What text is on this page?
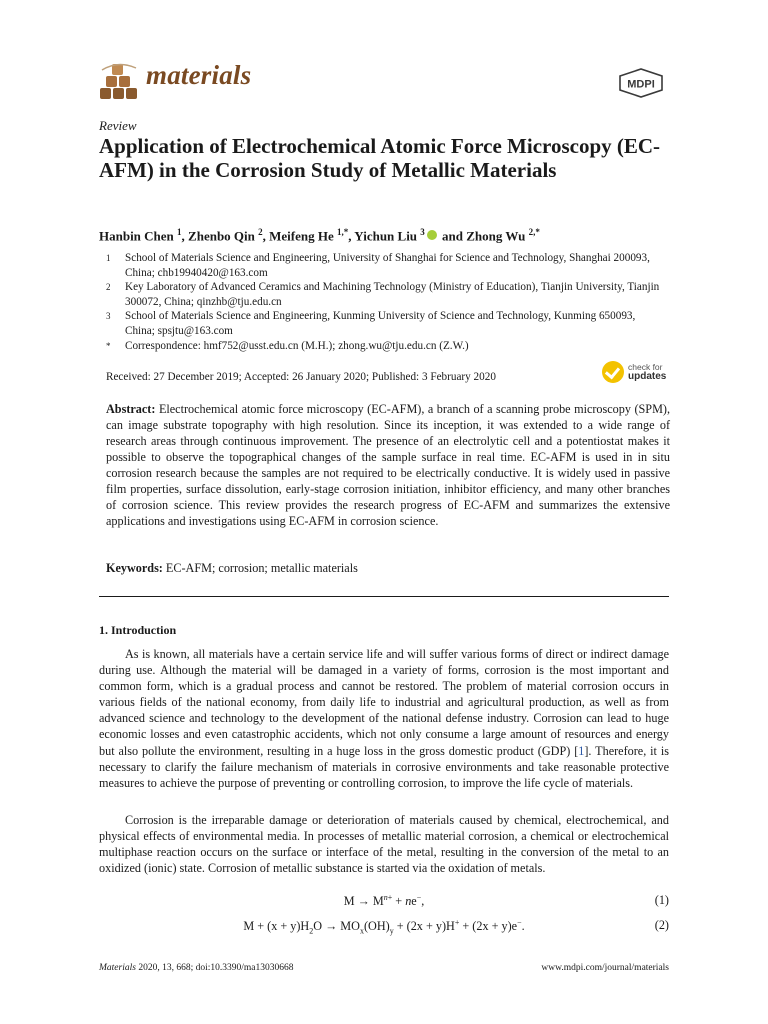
materials	MDPI
Review
Application of Electrochemical Atomic Force Microscopy (EC-AFM) in the Corrosion Study of Metallic Materials
Hanbin Chen $^1$, Zhenbo Qin $^2$, Meifeng He $^{1,*}$, Yichun Liu $^3$ and Zhong Wu $^{2,*}$
1 School of Materials Science and Engineering, University of Shanghai for Science and Technology, Shanghai 200093, China; chb19940420@163.com
2 Key Laboratory of Advanced Ceramics and Machining Technology (Ministry of Education), Tianjin University, Tianjin 300072, China; qinzhb@tju.edu.cn
3 School of Materials Science and Engineering, Kunming University of Science and Technology, Kunming 650093, China; spsjtu@163.com
* Correspondence: hmf752@usst.edu.cn (M.H.); zhong.wu@tju.edu.cn (Z.W.)
Received: 27 December 2019; Accepted: 26 January 2020; Published: 3 February 2020
check for
updates
Abstract: Electrochemical atomic force microscopy (EC-AFM), a branch of a scanning probe microscopy (SPM), can image substrate topography with high resolution. Since its inception, it was extended to a wide range of research areas through continuous improvement. The presence of an electrolytic cell and a potentiostat makes it possible to observe the topographical changes of the sample surface in real time. EC-AFM is used in in situ corrosion research because the samples are not required to be electrically conductive. It is widely used in passive film properties, surface dissolution, early-stage corrosion initiation, inhibitor efficiency, and many other branches of corrosion science. This review provides the research progress of EC-AFM and summarizes the extensive applications and investigations using EC-AFM in corrosion science.
Keywords: EC-AFM; corrosion; metallic materials
1. Introduction
As is known, all materials have a certain service life and will suffer various forms of direct or indirect damage during use. Although the material will be damaged in a variety of forms, corrosion is the most important and common form, which is a gradual process and cannot be restored. The problem of material corrosion occurs in various fields of the national economy, from daily life to industrial and agricultural production, as well as from advanced science and technology to the development of the national defense industry. Corrosion can lead to huge economic losses and even catastrophic accidents, which not only consume a large amount of resources and energy but also pollute the environment, resulting in a huge loss in the gross domestic product (GDP) [1]. Therefore, it is necessary to clarify the failure mechanism of materials in corrosive environments and take reasonable protective measures to achieve the purpose of preventing or controlling corrosion, to improve the life cycle of materials.
Corrosion is the irreparable damage or deterioration of materials caused by chemical, electrochemical, and physical effects of environmental media. In processes of metallic material corrosion, a chemical or electrochemical multiphase reaction occurs on the surface or interface of the metal, resulting in the conversion of the metal to an oxidized (ionic) state. Corrosion of metallic substance is started via the oxidation of metals.
$M \to M^{n+} + ne^-$,	(1)
$M + (x + y)H_2O \to MO_x(OH)_y + (2x + y)H^+ + (2x + y)e^-$.	(2)
Materials 2020, 13, 668; doi:10.3390/ma13030668	www.mdpi.com/journal/materials
